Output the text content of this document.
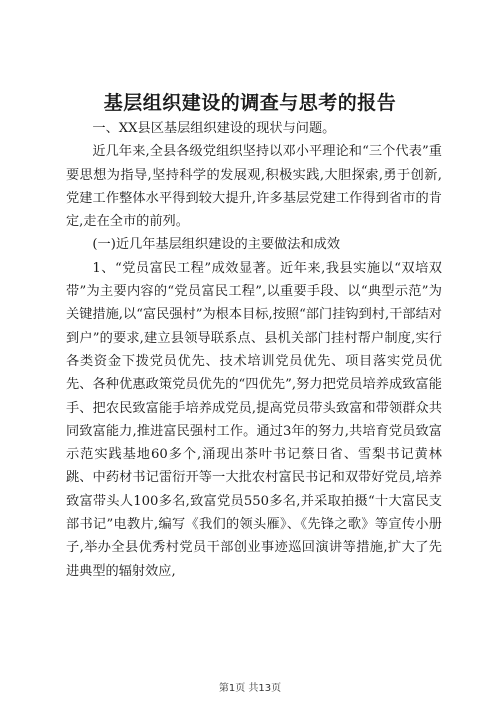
基层组织建设的调查与思考的报告

一、XX县区基层组织建设的现状与问题。

近几年来,全县各级党组织坚持以邓小平理论和“三个代表”重要思想为指导,坚持科学的发展观,积极实践,大胆探索,勇于创新,党建工作整体水平得到较大提升,许多基层党建工作得到省市的肯定,走在全市的前列。

(一)近几年基层组织建设的主要做法和成效

1、“党员富民工程”成效显著。近年来,我县实施以“双培双带”为主要内容的“党员富民工程”,以重要手段、以“典型示范”为关键措施,以“富民强村”为根本目标,按照“部门挂钩到村,干部结对到户”的要求,建立县领导联系点、县机关部门挂村帮户制度,实行各类资金下拨党员优先、技术培训党员优先、项目落实党员优先、各种优惠政策党员优先的“四优先”,努力把党员培养成致富能手、把农民致富能手培养成党员,提高党员带头致富和带领群众共同致富能力,推进富民强村工作。通过3年的努力,共培育党员致富示范实践基地60多个,涌现出茶叶书记蔡日省、雪梨书记黄林跳、中药材书记雷衍开等一大批农村富民书记和双带好党员,培养致富带头人100多名,致富党员550多名,并采取拍摄“十大富民支部书记”电教片,编写《我们的领头雁》、《先锋之歌》等宣传小册子,举办全县优秀村党员干部创业事迹巡回演讲等措施,扩大了先进典型的辐射效应,

第1页 共13页
